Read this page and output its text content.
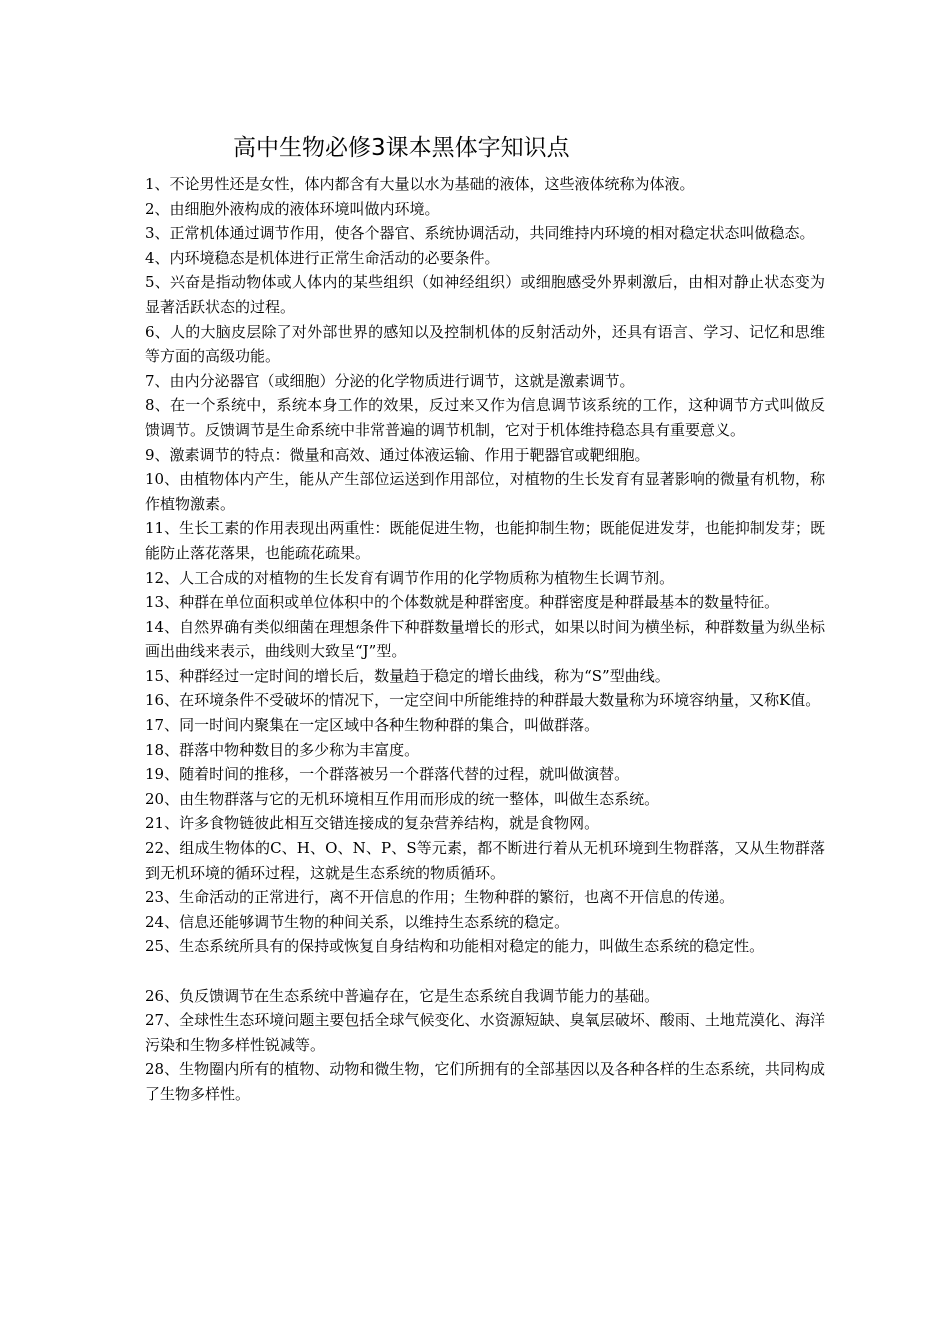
高中生物必修3课本黑体字知识点
1、不论男性还是女性，体内都含有大量以水为基础的液体，这些液体统称为体液。
2、由细胞外液构成的液体环境叫做内环境。
3、正常机体通过调节作用，使各个器官、系统协调活动，共同维持内环境的相对稳定状态叫做稳态。
4、内环境稳态是机体进行正常生命活动的必要条件。
5、兴奋是指动物体或人体内的某些组织（如神经组织）或细胞感受外界刺激后，由相对静止状态变为显著活跃状态的过程。
6、人的大脑皮层除了对外部世界的感知以及控制机体的反射活动外，还具有语言、学习、记忆和思维等方面的高级功能。
7、由内分泌器官（或细胞）分泌的化学物质进行调节，这就是激素调节。
8、在一个系统中，系统本身工作的效果，反过来又作为信息调节该系统的工作，这种调节方式叫做反馈调节。反馈调节是生命系统中非常普遍的调节机制，它对于机体维持稳态具有重要意义。
9、激素调节的特点：微量和高效、通过体液运输、作用于靶器官或靶细胞。
10、由植物体内产生，能从产生部位运送到作用部位，对植物的生长发育有显著影响的微量有机物，称作植物激素。
11、生长工素的作用表现出两重性：既能促进生物，也能抑制生物；既能促进发芽，也能抑制发芽；既能防止落花落果，也能疏花疏果。
12、人工合成的对植物的生长发育有调节作用的化学物质称为植物生长调节剂。
13、种群在单位面积或单位体积中的个体数就是种群密度。种群密度是种群最基本的数量特征。
14、自然界确有类似细菌在理想条件下种群数量增长的形式，如果以时间为横坐标，种群数量为纵坐标画出曲线来表示，曲线则大致呈“J”型。
15、种群经过一定时间的增长后，数量趋于稳定的增长曲线，称为“S”型曲线。
16、在环境条件不受破坏的情况下，一定空间中所能维持的种群最大数量称为环境容纳量，又称K值。
17、同一时间内聚集在一定区域中各种生物种群的集合，叫做群落。
18、群落中物种数目的多少称为丰富度。
19、随着时间的推移，一个群落被另一个群落代替的过程，就叫做演替。
20、由生物群落与它的无机环境相互作用而形成的统一整体，叫做生态系统。
21、许多食物链彼此相互交错连接成的复杂营养结构，就是食物网。
22、组成生物体的C、H、O、N、P、S等元素，都不断进行着从无机环境到生物群落，又从生物群落到无机环境的循环过程，这就是生态系统的物质循环。
23、生命活动的正常进行，离不开信息的作用；生物种群的繁衍，也离不开信息的传递。
24、信息还能够调节生物的种间关系，以维持生态系统的稳定。
25、生态系统所具有的保持或恢复自身结构和功能相对稳定的能力，叫做生态系统的稳定性。
26、负反馈调节在生态系统中普遍存在，它是生态系统自我调节能力的基础。
27、全球性生态环境问题主要包括全球气候变化、水资源短缺、臭氧层破坏、酸雨、土地荒漠化、海洋污染和生物多样性锐减等。
28、生物圈内所有的植物、动物和微生物，它们所拥有的全部基因以及各种各样的生态系统，共同构成了生物多样性。
